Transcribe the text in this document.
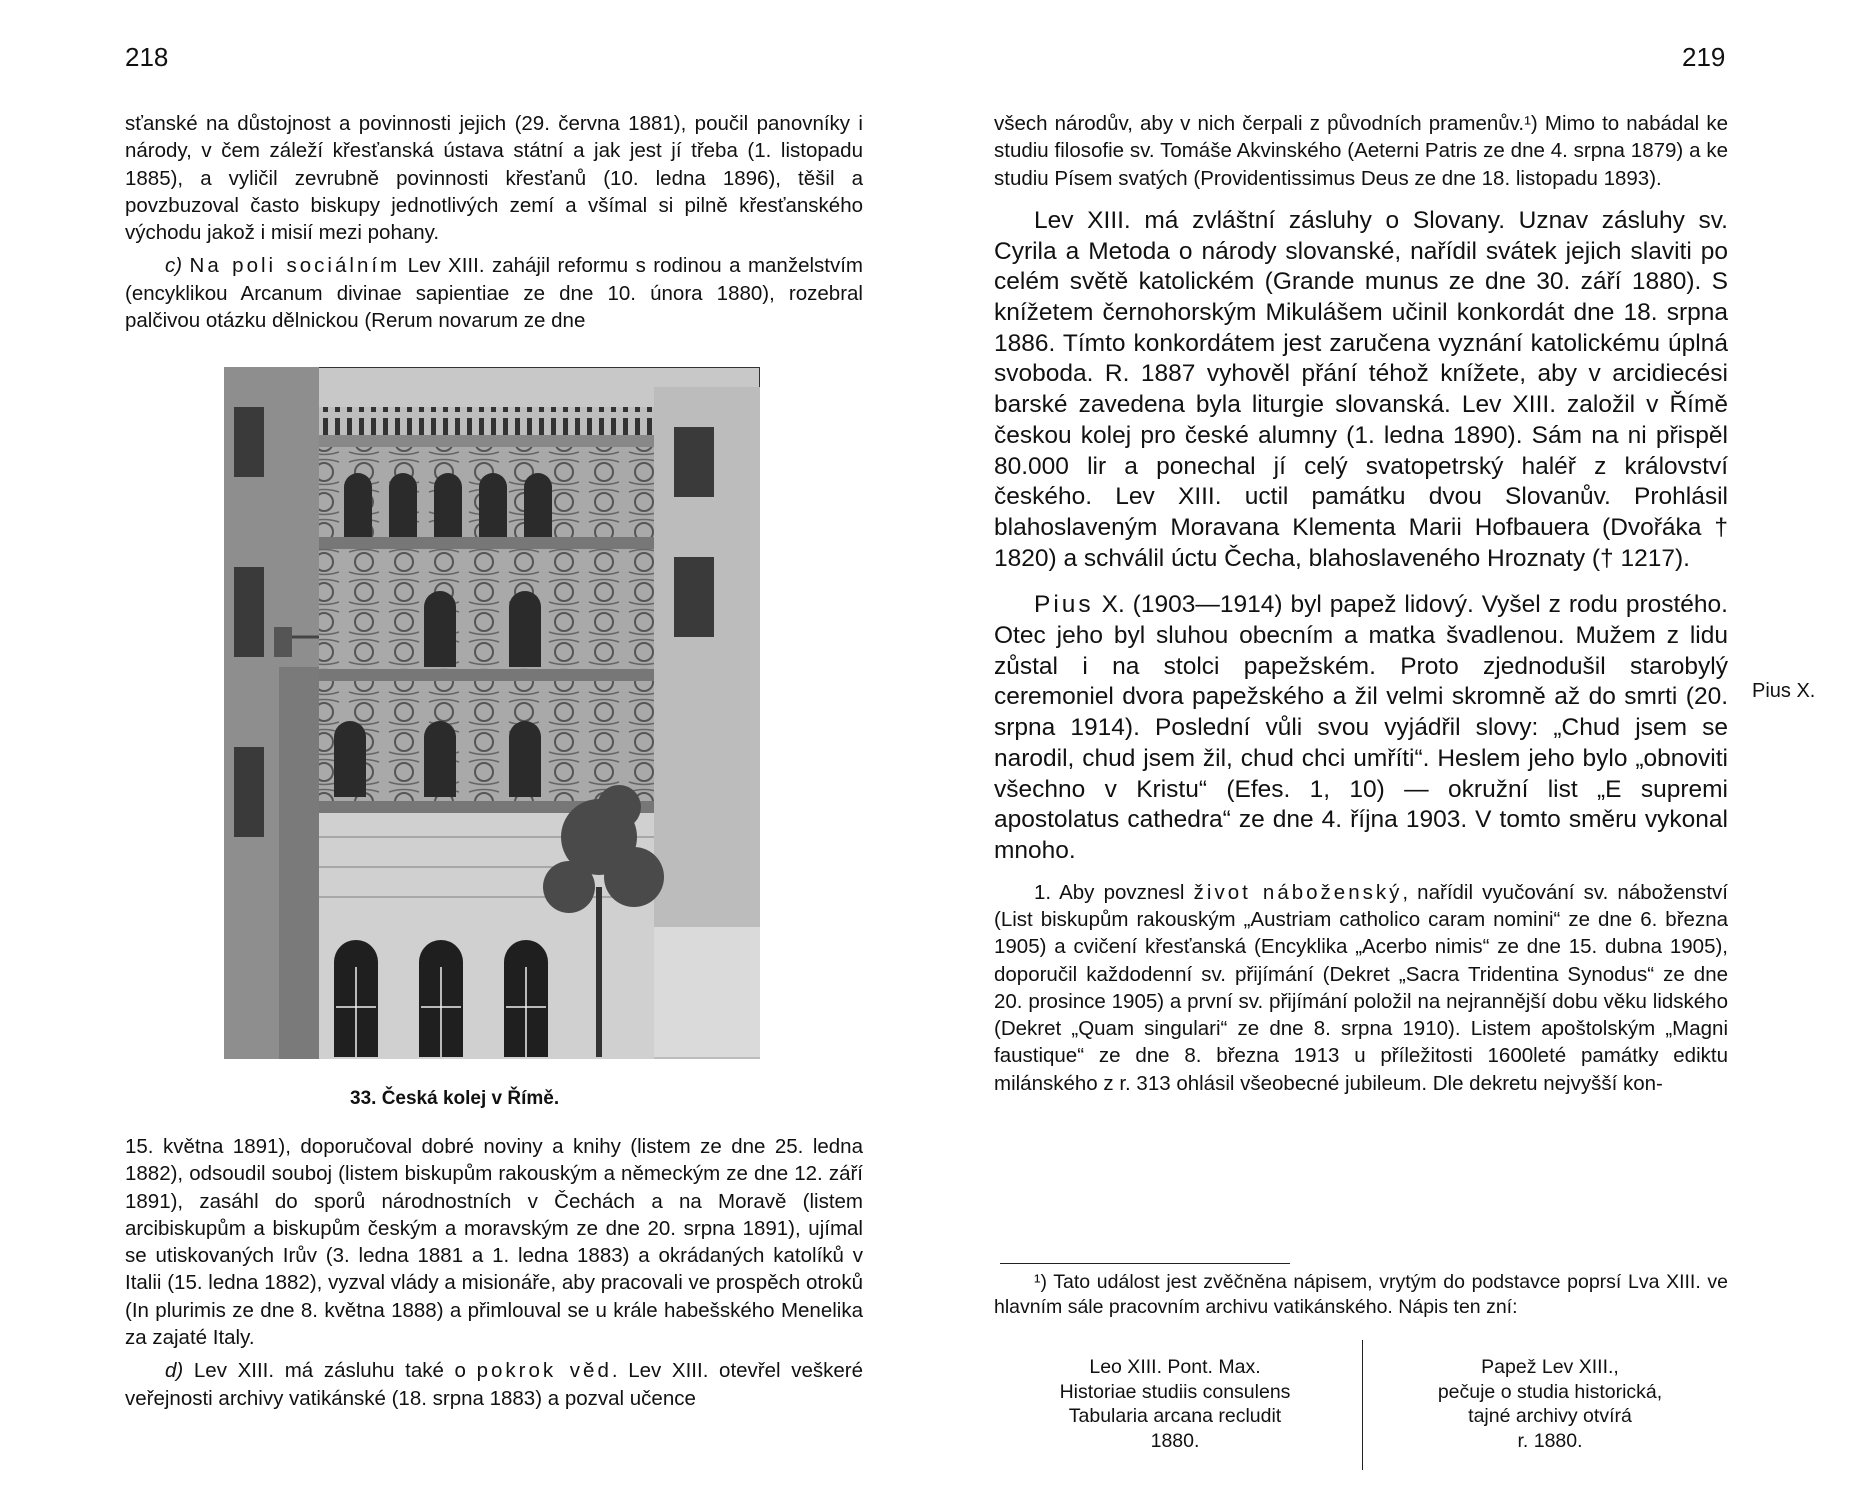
218

sťanské na důstojnost a povinnosti jejich (29. června 1881), poučil panovníky i národy, v čem záleží křesťanská ústava státní a jak jest jí třeba (1. listopadu 1885), a vyličil zevrubně povinnosti křesťanů (10. ledna 1896), těšil a povzbuzoval často biskupy jednotlivých zemí a všímal si pilně křesťanského východu jakož i misií mezi pohany.

c) Na poli sociálním Lev XIII. zahájil reformu s rodinou a manželstvím (encyklikou Arcanum divinae sapientiae ze dne 10. února 1880), rozebral palčivou otázku dělnickou (Rerum novarum ze dne

33. Česká kolej v Římě.

15. května 1891), doporučoval dobré noviny a knihy (listem ze dne 25. ledna 1882), odsoudil souboj (listem biskupům rakouským a německým ze dne 12. září 1891), zasáhl do sporů národnostních v Čechách a na Moravě (listem arcibiskupům a biskupům českým a moravským ze dne 20. srpna 1891), ujímal se utiskovaných Irův (3. ledna 1881 a 1. ledna 1883) a okrádaných katolíků v Italii (15. ledna 1882), vyzval vlády a misionáře, aby pracovali ve prospěch otroků (In plurimis ze dne 8. května 1888) a přimlouval se u krále habešského Menelika za zajaté Italy.

d) Lev XIII. má zásluhu také o pokrok věd. Lev XIII. otevřel veškeré veřejnosti archivy vatikánské (18. srpna 1883) a pozval učence

219

všech národův, aby v nich čerpali z původních pramenův.¹) Mimo to nabádal ke studiu filosofie sv. Tomáše Akvinského (Aeterni Patris ze dne 4. srpna 1879) a ke studiu Písem svatých (Providentissimus Deus ze dne 18. listopadu 1893).

Lev XIII. má zvláštní zásluhy o Slovany. Uznav zásluhy sv. Cyrila a Metoda o národy slovanské, nařídil svátek jejich slaviti po celém světě katolickém (Grande munus ze dne 30. září 1880). S knížetem černohorským Mikulášem učinil konkordát dne 18. srpna 1886. Tímto konkordátem jest zaručena vyznání katolickému úplná svoboda. R. 1887 vyhověl přání téhož knížete, aby v arcidiecési barské zavedena byla liturgie slovanská. Lev XIII. založil v Římě českou kolej pro české alumny (1. ledna 1890). Sám na ni přispěl 80.000 lir a ponechal jí celý svatopetrský haléř z království českého. Lev XIII. uctil památku dvou Slovanův. Prohlásil blahoslaveným Moravana Klementa Marii Hofbauera (Dvořáka † 1820) a schválil úctu Čecha, blahoslaveného Hroznaty († 1217).

Pius X. (1903—1914) byl papež lidový. Vyšel z rodu prostého. Otec jeho byl sluhou obecním a matka švadlenou. Mužem z lidu zůstal i na stolci papežském. Proto zjednodušil starobylý ceremoniel dvora papežského a žil velmi skromně až do smrti (20. srpna 1914). Poslední vůli svou vyjádřil slovy: „Chud jsem se narodil, chud jsem žil, chud chci umříti“. Heslem jeho bylo „obnoviti všechno v Kristu“ (Efes. 1, 10) — okružní list „E supremi apostolatus cathedra“ ze dne 4. října 1903. V tomto směru vykonal mnoho.

1. Aby povznesl život náboženský, nařídil vyučování sv. náboženství (List biskupům rakouským „Austriam catholico caram nomini“ ze dne 6. března 1905) a cvičení křesťanská (Encyklika „Acerbo nimis“ ze dne 15. dubna 1905), doporučil každodenní sv. přijímání (Dekret „Sacra Tridentina Synodus“ ze dne 20. prosince 1905) a první sv. přijímání položil na nejrannější dobu věku lidského (Dekret „Quam singulari“ ze dne 8. srpna 1910). Listem apoštolským „Magni faustique“ ze dne 8. března 1913 u příležitosti 1600leté památky ediktu milánského z r. 313 ohlásil všeobecné jubileum. Dle dekretu nejvyšší kon-

Pius X.

¹) Tato událost jest zvěčněna nápisem, vrytým do podstavce poprsí Lva XIII. ve hlavním sále pracovním archivu vatikánského. Nápis ten zní:

Leo XIII. Pont. Max.
Historiae studiis consulens
Tabularia arcana recludit
1880.
Papež Lev XIII.,
pečuje o studia historická,
tajné archivy otvírá
r. 1880.
